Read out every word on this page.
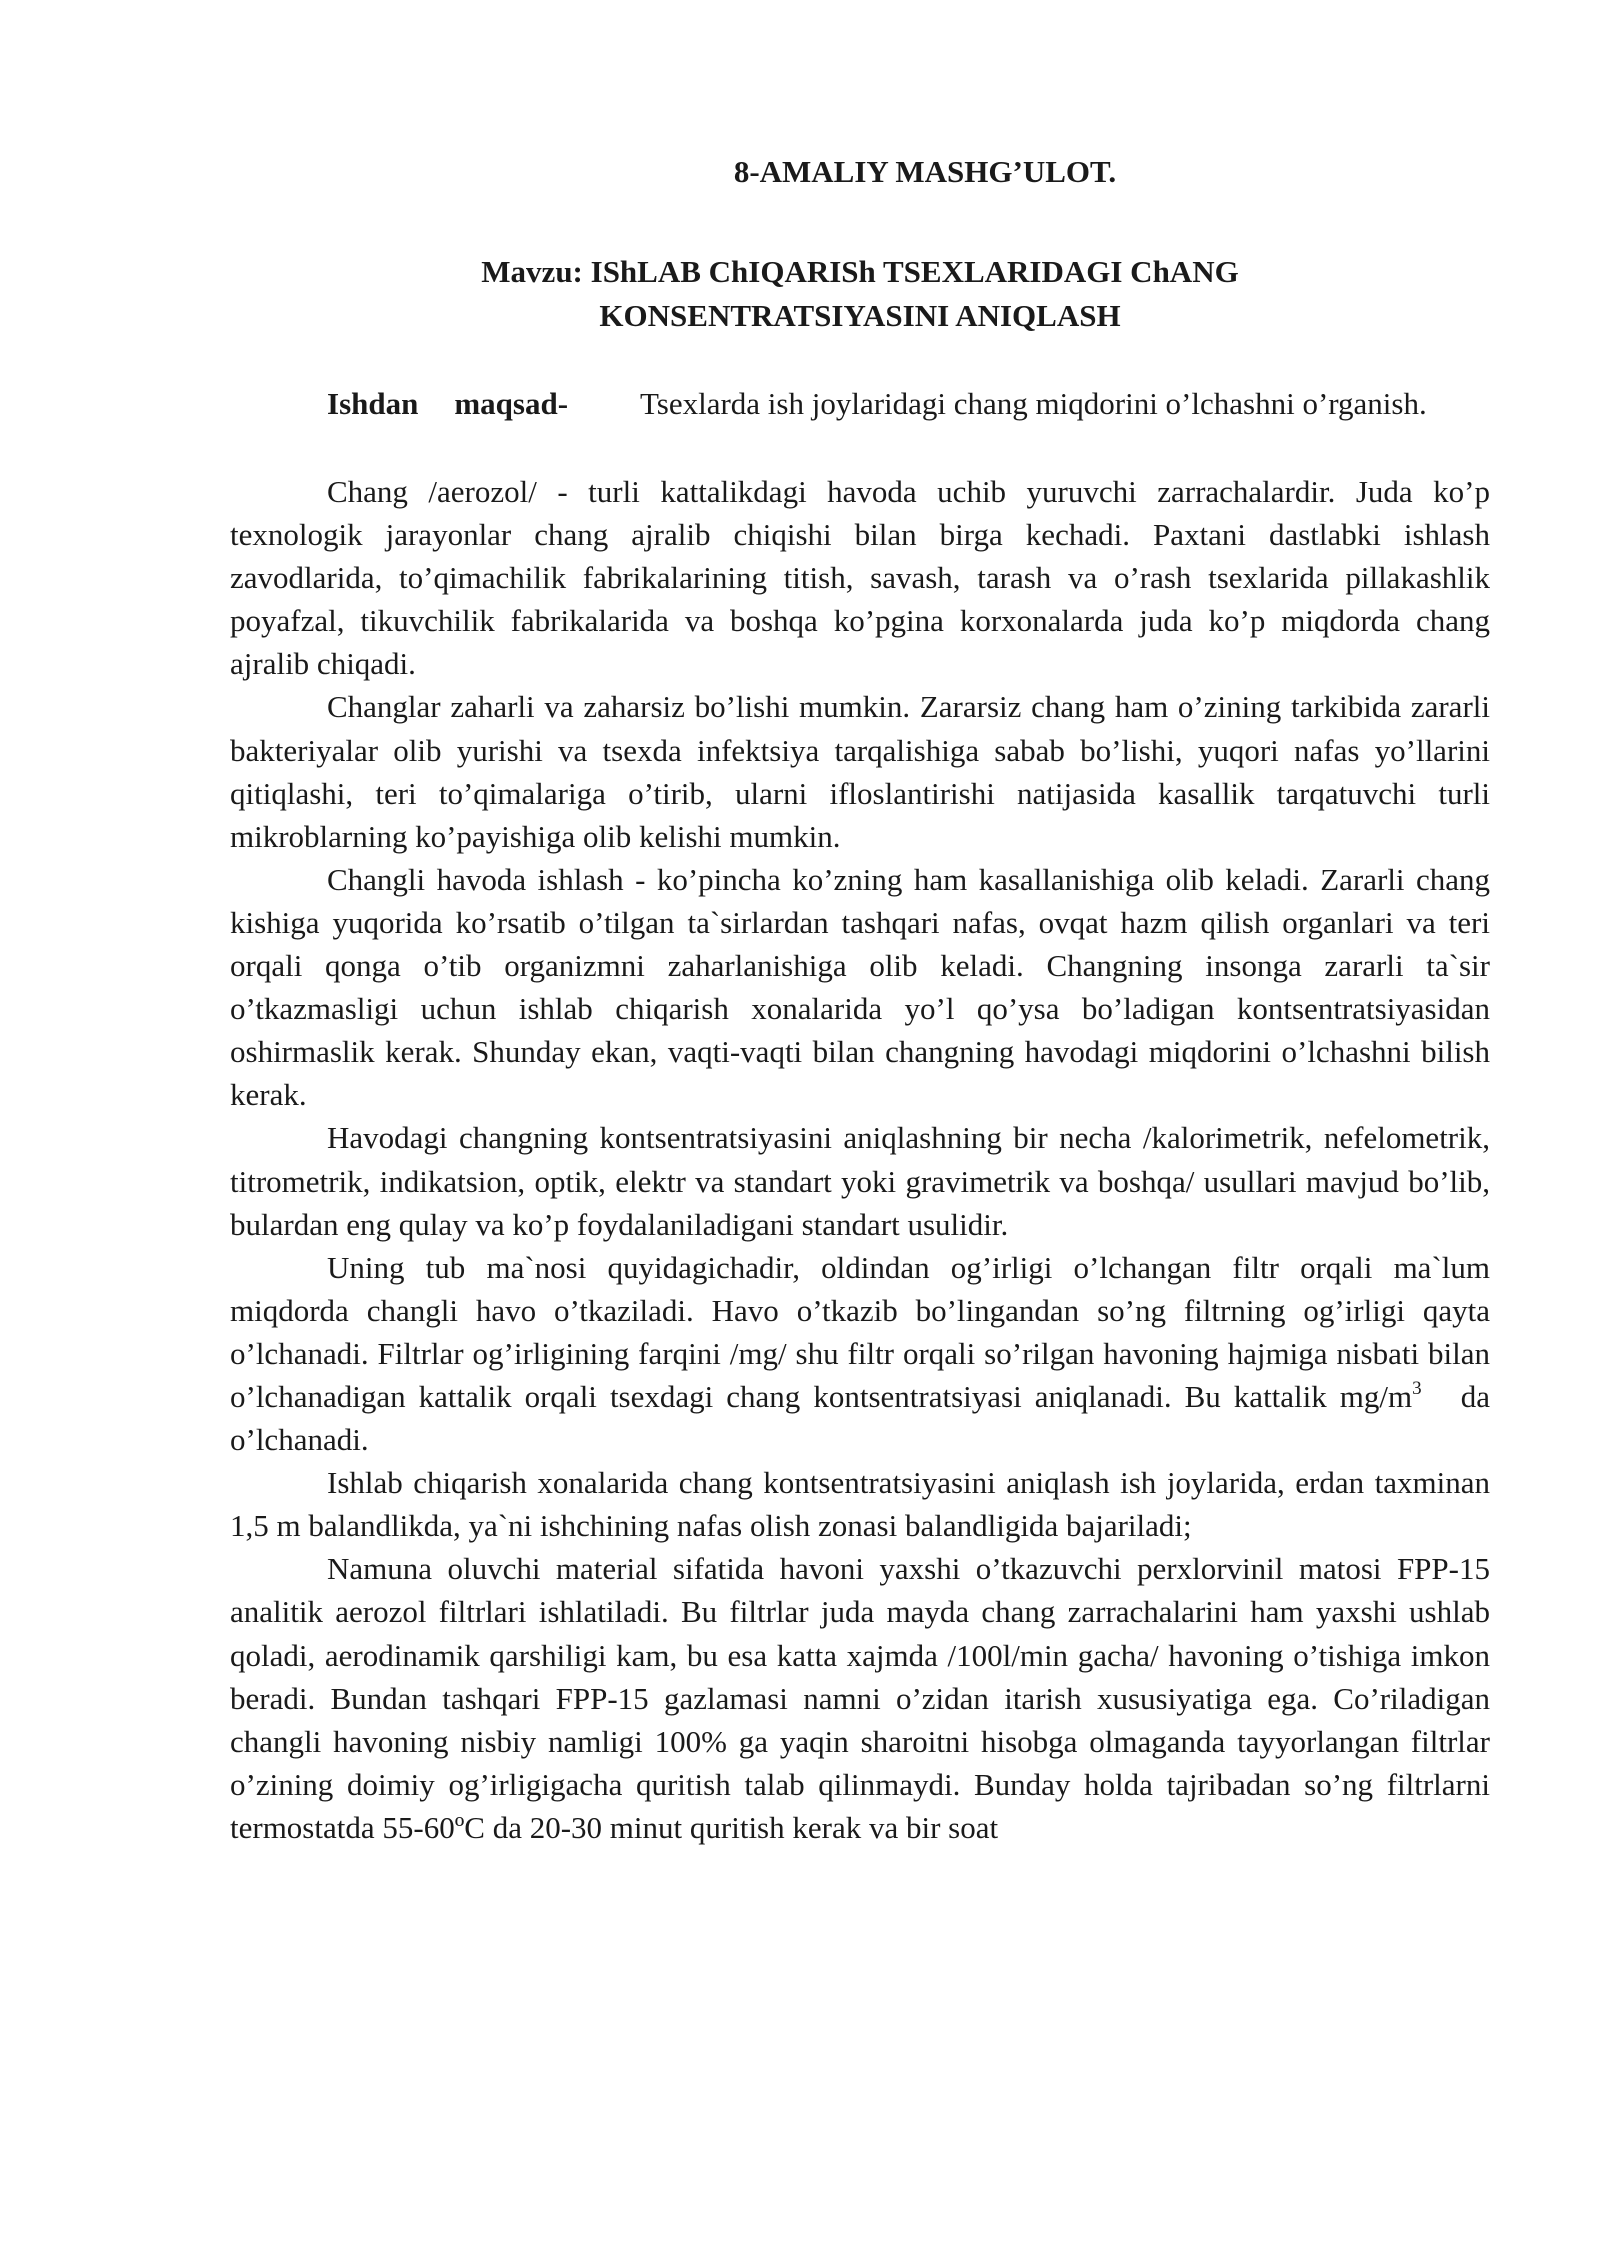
8-AMALIY MASHG’ULOT.
Mavzu: IShLAB ChIQARISh TSEXLARIDAGI ChANG
KONSENTRATSIYASINI ANIQLASH
Ishdan maqsad- Tsexlarda ish joylaridagi chang miqdorini o’lchashni o’rganish.

Chang /aerozol/ - turli kattalikdagi havoda uchib yuruvchi zarrachalardir. Juda ko’p texnologik jarayonlar chang ajralib chiqishi bilan birga kechadi. Paxtani dastlabki ishlash zavodlarida, to’qimachilik fabrikalarining titish, savash, tarash va o’rash tsexlarida pillakashlik poyafzal, tikuvchilik fabrikalarida va boshqa ko’pgina korxonalarda juda ko’p miqdorda chang ajralib chiqadi.

Changlar zaharli va zaharsiz bo’lishi mumkin. Zararsiz chang ham o’zining tarkibida zararli bakteriyalar olib yurishi va tsexda infektsiya tarqalishiga sabab bo’lishi, yuqori nafas yo’llarini qitiqlashi, teri to’qimalariga o’tirib, ularni ifloslantirishi natijasida kasallik tarqatuvchi turli mikroblarning ko’payishiga olib kelishi mumkin.

Changli havoda ishlash - ko’pincha ko’zning ham kasallanishiga olib keladi. Zararli chang kishiga yuqorida ko’rsatib o’tilgan ta`sirlardan tashqari nafas, ovqat hazm qilish organlari va teri orqali qonga o’tib organizmni zaharlanishiga olib keladi. Changning insonga zararli ta`sir o’tkazmasligi uchun ishlab chiqarish xonalarida yo’l qo’ysa bo’ladigan kontsentratsiyasidan oshirmaslik kerak. Shunday ekan, vaqti-vaqti bilan changning havodagi miqdorini o’lchashni bilish kerak.

Havodagi changning kontsentratsiyasini aniqlashning bir necha /kalorimetrik, nefelometrik, titrometrik, indikatsion, optik, elektr va standart yoki gravimetrik va boshqa/ usullari mavjud bo’lib, bulardan eng qulay va ko’p foydalaniladigani standart usulidir.

Uning tub ma`nosi quyidagichadir, oldindan og’irligi o’lchangan filtr orqali ma`lum miqdorda changli havo o’tkaziladi. Havo o’tkazib bo’lingandan so’ng filtrning og’irligi qayta o’lchanadi. Filtrlar og’irligining farqini /mg/ shu filtr orqali so’rilgan havoning hajmiga nisbati bilan o’lchanadigan kattalik orqali tsexdagi chang kontsentratsiyasi aniqlanadi. Bu kattalik $mg/m^3$ da o’lchanadi.

Ishlab chiqarish xonalarida chang kontsentratsiyasini aniqlash ish joylarida, erdan taxminan 1,5 m balandlikda, ya`ni ishchining nafas olish zonasi balandligida bajariladi;

Namuna oluvchi material sifatida havoni yaxshi o’tkazuvchi perxlorvinil matosi FPP-15 analitik aerozol filtrlari ishlatiladi. Bu filtrlar juda mayda chang zarrachalarini ham yaxshi ushlab qoladi, aerodinamik qarshiligi kam, bu esa katta xajmda /100l/min gacha/ havoning o’tishiga imkon beradi. Bundan tashqari FPP-15 gazlamasi namni o’zidan itarish xususiyatiga ega. Co’riladigan changli havoning nisbiy namligi 100% ga yaqin sharoitni hisobga olmaganda tayyorlangan filtrlar o’zining doimiy og’irligigacha quritish talab qilinmaydi. Bunday holda tajribadan so’ng filtrlarni termostatda 55-60ºC da 20-30 minut quritish kerak va bir soat
